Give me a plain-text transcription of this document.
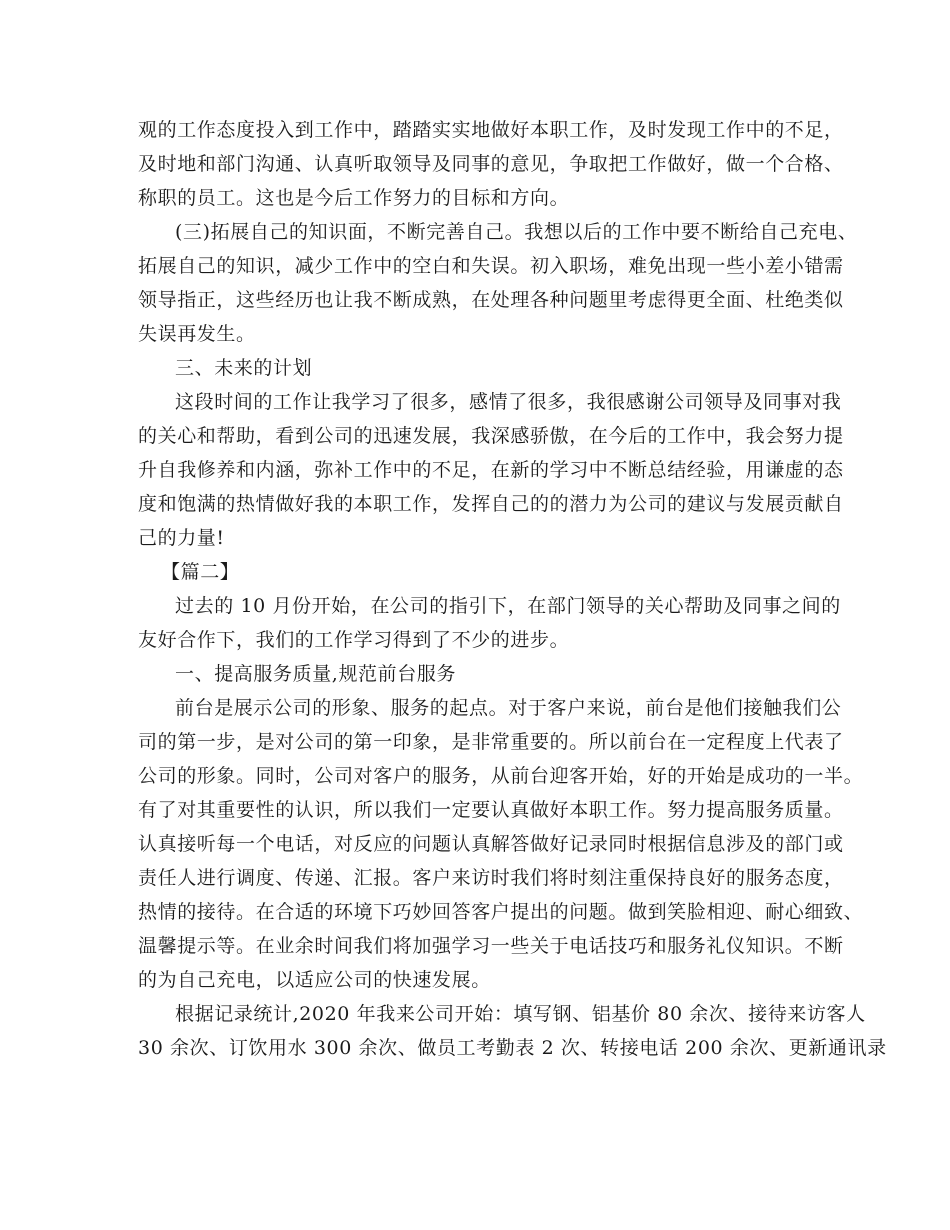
观的工作态度投入到工作中，踏踏实实地做好本职工作，及时发现工作中的不足，
及时地和部门沟通、认真听取领导及同事的意见，争取把工作做好，做一个合格、
称职的员工。这也是今后工作努力的目标和方向。
(三)拓展自己的知识面，不断完善自己。我想以后的工作中要不断给自己充电、
拓展自己的知识，减少工作中的空白和失误。初入职场，难免出现一些小差小错需
领导指正，这些经历也让我不断成熟，在处理各种问题里考虑得更全面、杜绝类似
失误再发生。
三、未来的计划
这段时间的工作让我学习了很多，感情了很多，我很感谢公司领导及同事对我
的关心和帮助，看到公司的迅速发展，我深感骄傲，在今后的工作中，我会努力提
升自我修养和内涵，弥补工作中的不足，在新的学习中不断总结经验，用谦虚的态
度和饱满的热情做好我的本职工作，发挥自己的的潜力为公司的建议与发展贡献自
己的力量!
【篇二】
过去的 10 月份开始，在公司的指引下，在部门领导的关心帮助及同事之间的
友好合作下，我们的工作学习得到了不少的进步。
一、提高服务质量,规范前台服务
前台是展示公司的形象、服务的起点。对于客户来说，前台是他们接触我们公
司的第一步，是对公司的第一印象，是非常重要的。所以前台在一定程度上代表了
公司的形象。同时，公司对客户的服务，从前台迎客开始，好的开始是成功的一半。
有了对其重要性的认识，所以我们一定要认真做好本职工作。努力提高服务质量。
认真接听每一个电话，对反应的问题认真解答做好记录同时根据信息涉及的部门或
责任人进行调度、传递、汇报。客户来访时我们将时刻注重保持良好的服务态度，
热情的接待。在合适的环境下巧妙回答客户提出的问题。做到笑脸相迎、耐心细致、
温馨提示等。在业余时间我们将加强学习一些关于电话技巧和服务礼仪知识。不断
的为自己充电，以适应公司的快速发展。
根据记录统计,2020 年我来公司开始：填写钢、铝基价 80 余次、接待来访客人
30 余次、订饮用水 300 余次、做员工考勤表 2 次、转接电话 200 余次、更新通讯录
